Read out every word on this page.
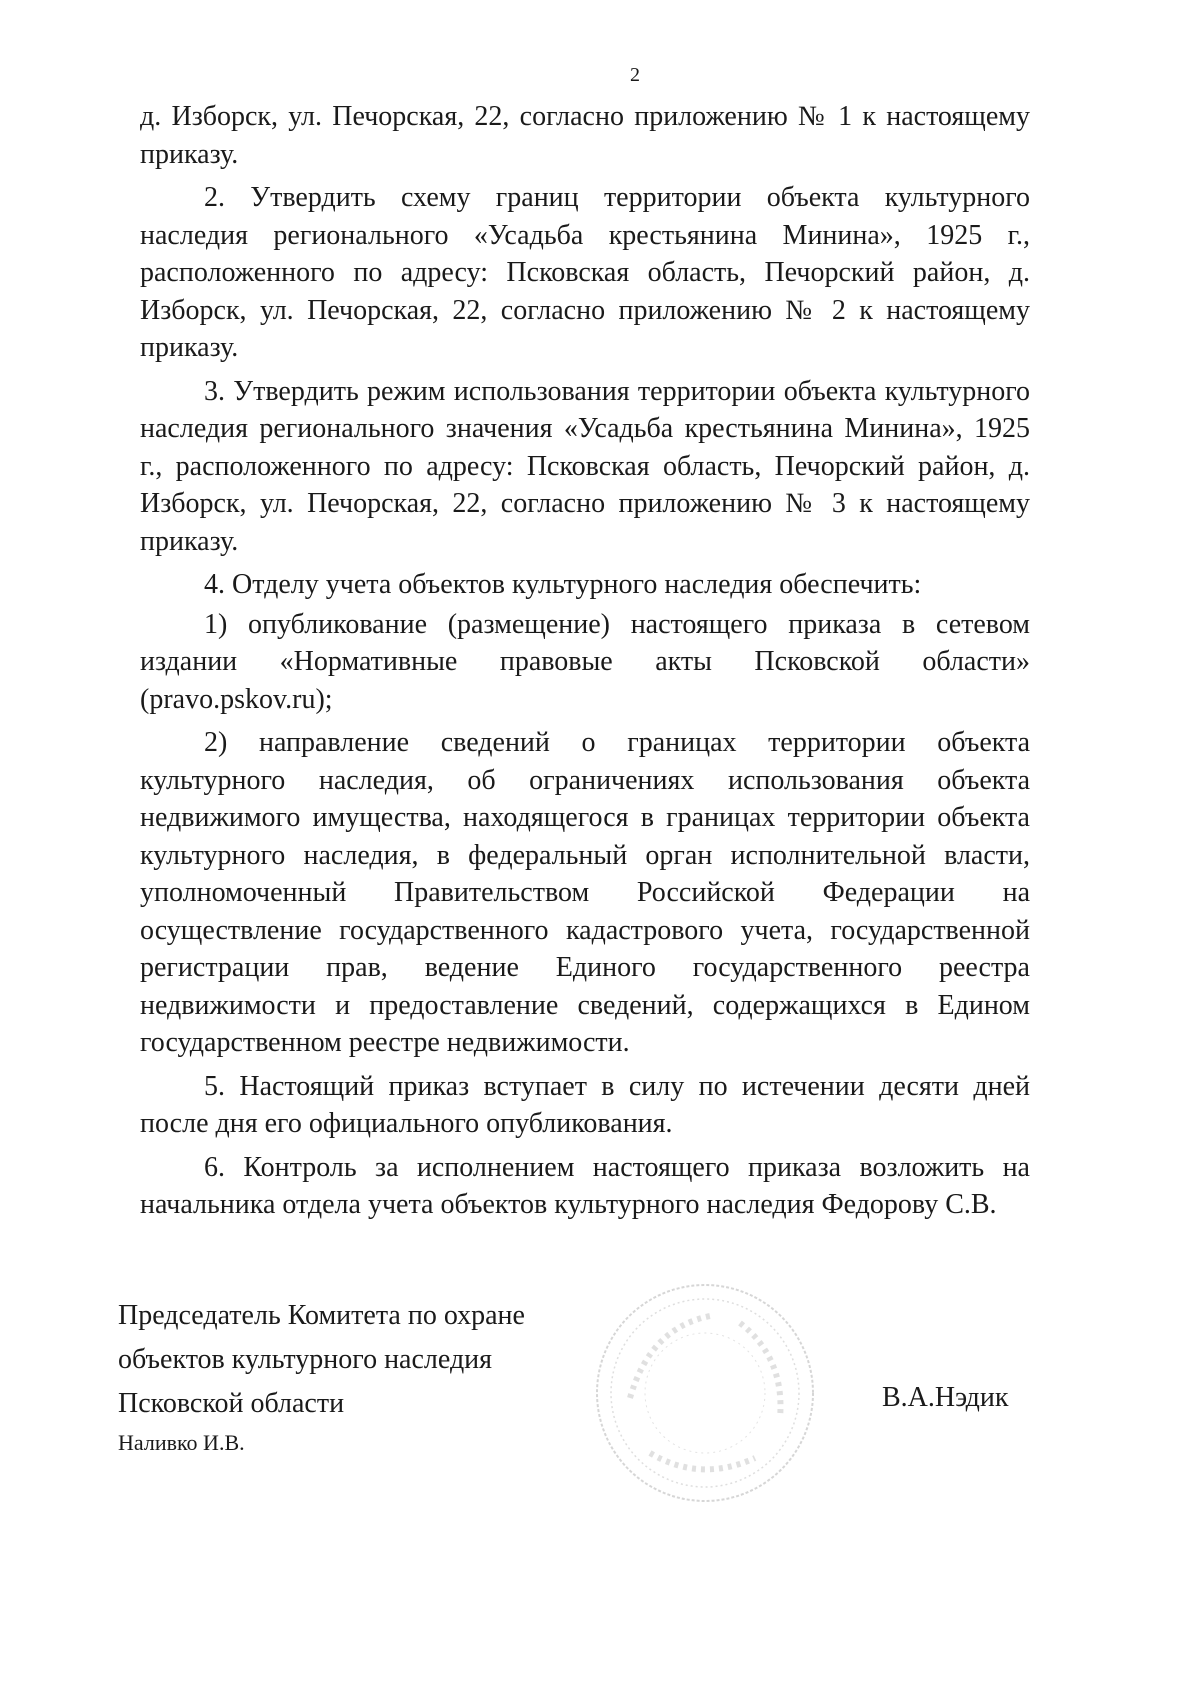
2

д. Изборск, ул. Печорская, 22, согласно приложению № 1 к настоящему приказу.

2. Утвердить схему границ территории объекта культурного наследия регионального «Усадьба крестьянина Минина», 1925 г., расположенного по адресу: Псковская область, Печорский район, д. Изборск, ул. Печорская, 22, согласно приложению № 2 к настоящему приказу.

3. Утвердить режим использования территории объекта культурного наследия регионального значения «Усадьба крестьянина Минина», 1925 г., расположенного по адресу: Псковская область, Печорский район, д. Изборск, ул. Печорская, 22, согласно приложению № 3 к настоящему приказу.

4. Отделу учета объектов культурного наследия обеспечить:

1) опубликование (размещение) настоящего приказа в сетевом издании «Нормативные правовые акты Псковской области» (pravo.pskov.ru);

2) направление сведений о границах территории объекта культурного наследия, об ограничениях использования объекта недвижимого имущества, находящегося в границах территории объекта культурного наследия, в федеральный орган исполнительной власти, уполномоченный Правительством Российской Федерации на осуществление государственного кадастрового учета, государственной регистрации прав, ведение Единого государственного реестра недвижимости и предоставление сведений, содержащихся в Едином государственном реестре недвижимости.

5. Настоящий приказ вступает в силу по истечении десяти дней после дня его официального опубликования.

6. Контроль за исполнением настоящего приказа возложить на начальника отдела учета объектов культурного наследия Федорову С.В.

Председатель Комитета по охране
объектов культурного наследия
Псковской области
Наливко И.В.
В.А.Нэдик
